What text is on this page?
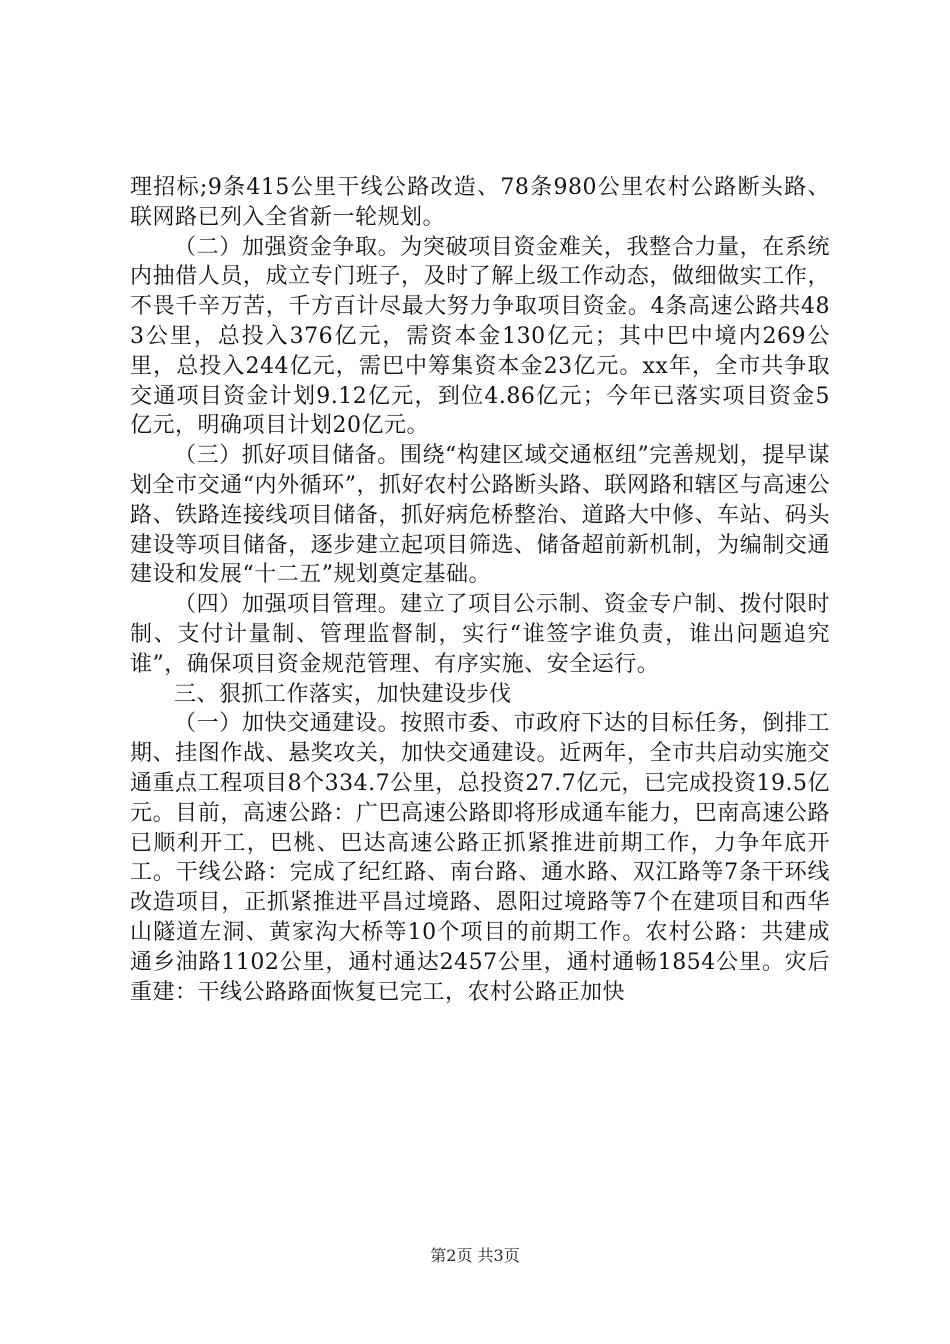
理招标;9条415公里干线公路改造、78条980公里农村公路断头路、联网路已列入全省新一轮规划。

（二）加强资金争取。为突破项目资金难关，我整合力量，在系统内抽借人员，成立专门班子，及时了解上级工作动态，做细做实工作，不畏千辛万苦，千方百计尽最大努力争取项目资金。4条高速公路共483公里，总投入376亿元，需资本金130亿元；其中巴中境内269公里，总投入244亿元，需巴中筹集资本金23亿元。xx年，全市共争取交通项目资金计划9.12亿元，到位4.86亿元；今年已落实项目资金5亿元，明确项目计划20亿元。

（三）抓好项目储备。围绕“构建区域交通枢纽”完善规划，提早谋划全市交通“内外循环”，抓好农村公路断头路、联网路和辖区与高速公路、铁路连接线项目储备，抓好病危桥整治、道路大中修、车站、码头建设等项目储备，逐步建立起项目筛选、储备超前新机制，为编制交通建设和发展“十二五”规划奠定基础。

（四）加强项目管理。建立了项目公示制、资金专户制、拨付限时制、支付计量制、管理监督制，实行“谁签字谁负责，谁出问题追究谁”，确保项目资金规范管理、有序实施、安全运行。

三、狠抓工作落实，加快建设步伐

（一）加快交通建设。按照市委、市政府下达的目标任务，倒排工期、挂图作战、悬奖攻关，加快交通建设。近两年，全市共启动实施交通重点工程项目8个334.7公里，总投资27.7亿元，已完成投资19.5亿元。目前，高速公路：广巴高速公路即将形成通车能力，巴南高速公路已顺利开工，巴桃、巴达高速公路正抓紧推进前期工作，力争年底开工。干线公路：完成了纪红路、南台路、通水路、双江路等7条干环线改造项目，正抓紧推进平昌过境路、恩阳过境路等7个在建项目和西华山隧道左洞、黄家沟大桥等10个项目的前期工作。农村公路：共建成通乡油路1102公里，通村通达2457公里，通村通畅1854公里。灾后重建：干线公路路面恢复已完工，农村公路正加快

第2页 共3页
